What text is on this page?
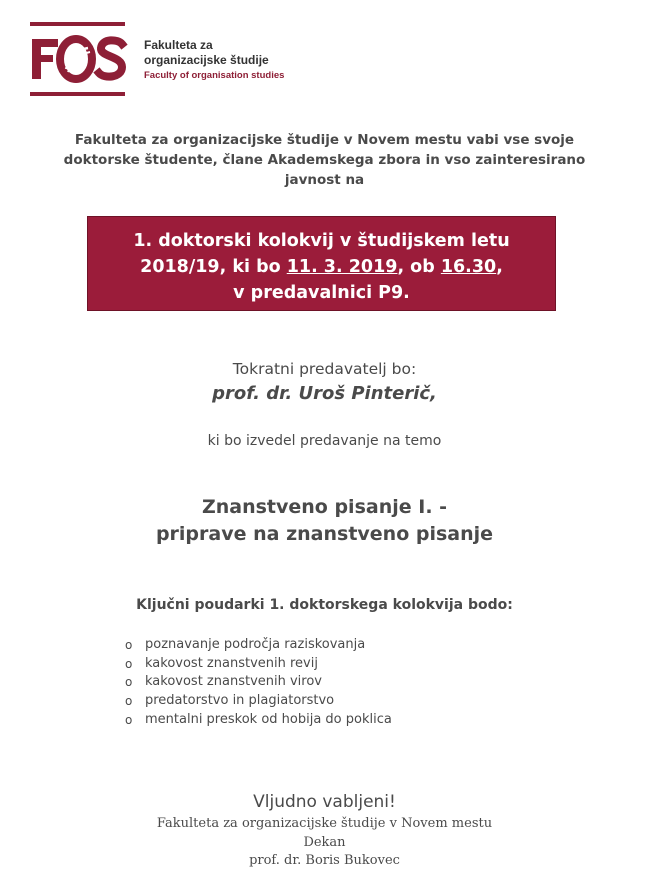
Fakulteta za
organizacijske študije
Faculty of organisation studies
Fakulteta za organizacijske študije v Novem mestu vabi vse svoje
doktorske študente, člane Akademskega zbora in vso zainteresirano
javnost na
1. doktorski kolokvij v študijskem letu
2018/19, ki bo 11. 3. 2019, ob 16.30,
v predavalnici P9.
Tokratni predavatelj bo:
prof. dr. Uroš Pinterič,
ki bo izvedel predavanje na temo
Znanstveno pisanje I. -
priprave na znanstveno pisanje
Ključni poudarki 1. doktorskega kolokvija bodo:
o poznavanje področja raziskovanja
o kakovost znanstvenih revij
o kakovost znanstvenih virov
o predatorstvo in plagiatorstvo
o mentalni preskok od hobija do poklica
Vljudno vabljeni!
Fakulteta za organizacijske študije v Novem mestu
Dekan
prof. dr. Boris Bukovec
